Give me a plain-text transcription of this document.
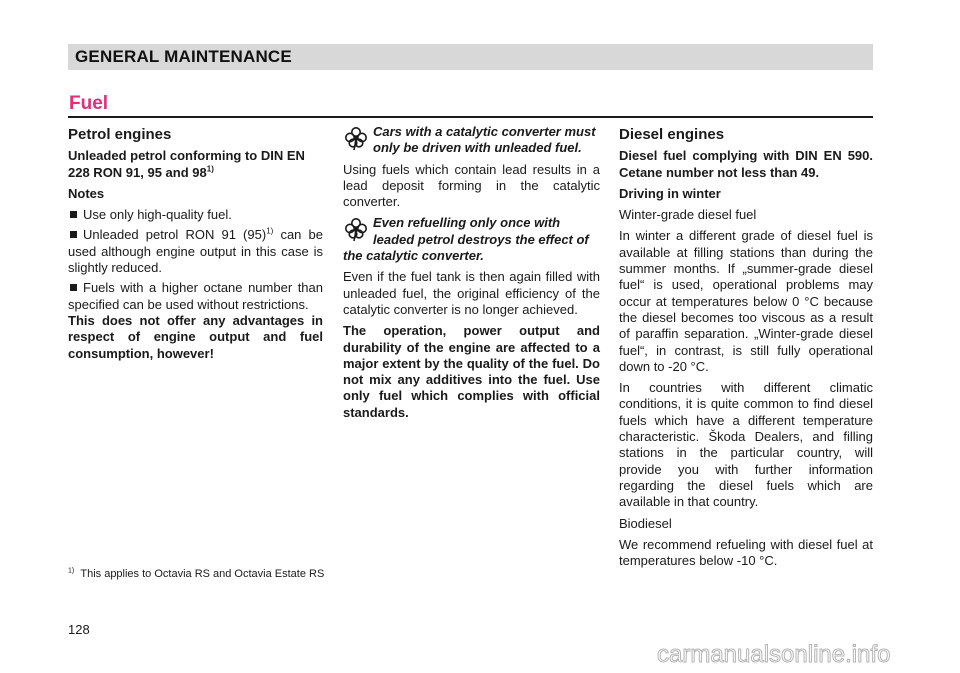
GENERAL MAINTENANCE
Fuel
Petrol engines

Unleaded petrol conforming to DIN EN
228 RON 91, 95 and 98$^{1)}$

Notes

Use only high-quality fuel.

Unleaded petrol RON 91 $(95)^{1)}$ can be used although engine output in this case is slightly reduced.

Fuels with a higher octane number than specified can be used without restrictions.
This does not offer any advantages in respect of engine output and fuel consumption, however!

Cars with a catalytic converter must only be driven with unleaded fuel.

Using fuels which contain lead results in a lead deposit forming in the catalytic converter.

Even refuelling only once with leaded petrol destroys the effect of the catalytic converter.

Even if the fuel tank is then again filled with unleaded fuel, the original efficiency of the catalytic converter is no longer achieved.

The operation, power output and durability of the engine are affected to a major extent by the quality of the fuel. Do not mix any additives into the fuel. Use only fuel which complies with official standards.

Diesel engines

Diesel fuel complying with DIN EN 590. Cetane number not less than 49.

Driving in winter

Winter-grade diesel fuel

In winter a different grade of diesel fuel is available at filling stations than during the summer months. If „summer-grade diesel fuel“ is used, operational problems may occur at temperatures below 0 °C because the diesel becomes too viscous as a result of paraffin separation. „Winter-grade diesel fuel“, in contrast, is still fully operational down to -20 °C.

In countries with different climatic conditions, it is quite common to find diesel fuels which have a different temperature characteristic. Škoda Dealers, and filling stations in the particular country, will provide you with further information regarding the diesel fuels which are available in that country.

Biodiesel

We recommend refueling with diesel fuel at temperatures below -10 °C.

$^{1)}$ This applies to Octavia RS and Octavia Estate RS
128
carmanualsonline.info
